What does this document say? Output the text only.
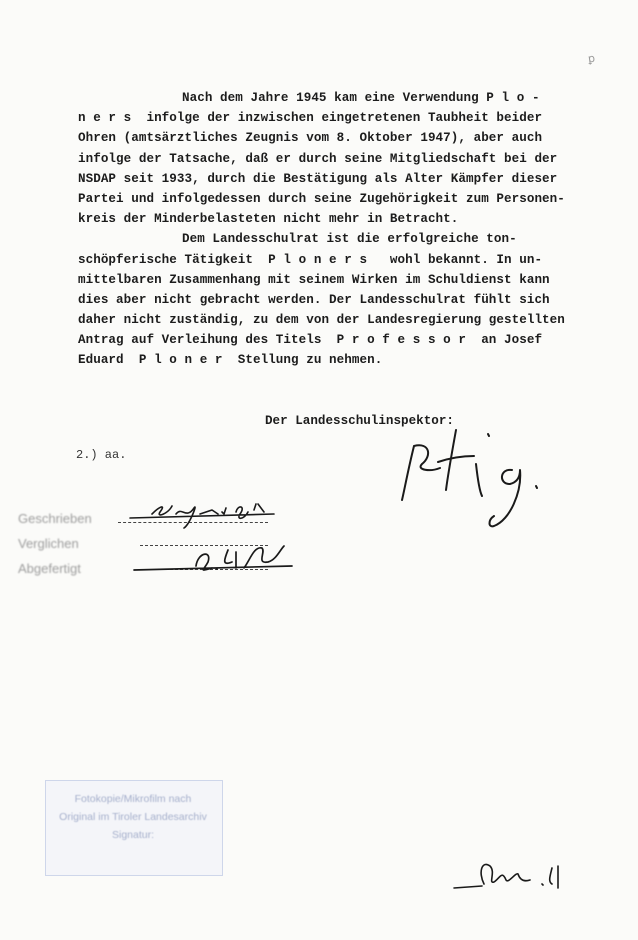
ꝑ
Nach dem Jahre 1945 kam eine Verwendung P l o -
n e r s  infolge der inzwischen eingetretenen Taubheit beider
Ohren (amtsärztliches Zeugnis vom 8. Oktober 1947), aber auch
infolge der Tatsache, daß er durch seine Mitgliedschaft bei der
NSDAP seit 1933, durch die Bestätigung als Alter Kämpfer dieser
Partei und infolgedessen durch seine Zugehörigkeit zum Personen-
kreis der Minderbelasteten nicht mehr in Betracht.
Dem Landesschulrat ist die erfolgreiche ton-
schöpferische Tätigkeit  P l o n e r s   wohl bekannt. In un-
mittelbaren Zusammenhang mit seinem Wirken im Schuldienst kann
dies aber nicht gebracht werden. Der Landesschulrat fühlt sich
daher nicht zuständig, zu dem von der Landesregierung gestellten
Antrag auf Verleihung des Titels  P r o f e s s o r  an Josef
Eduard  P l o n e r  Stellung zu nehmen.
Der Landesschulinspektor:
2.) aa.
Geschrieben
Verglichen
Abgefertigt
Fotokopie/Mikrofilm nach
Original im Tiroler Landesarchiv
Signatur:
